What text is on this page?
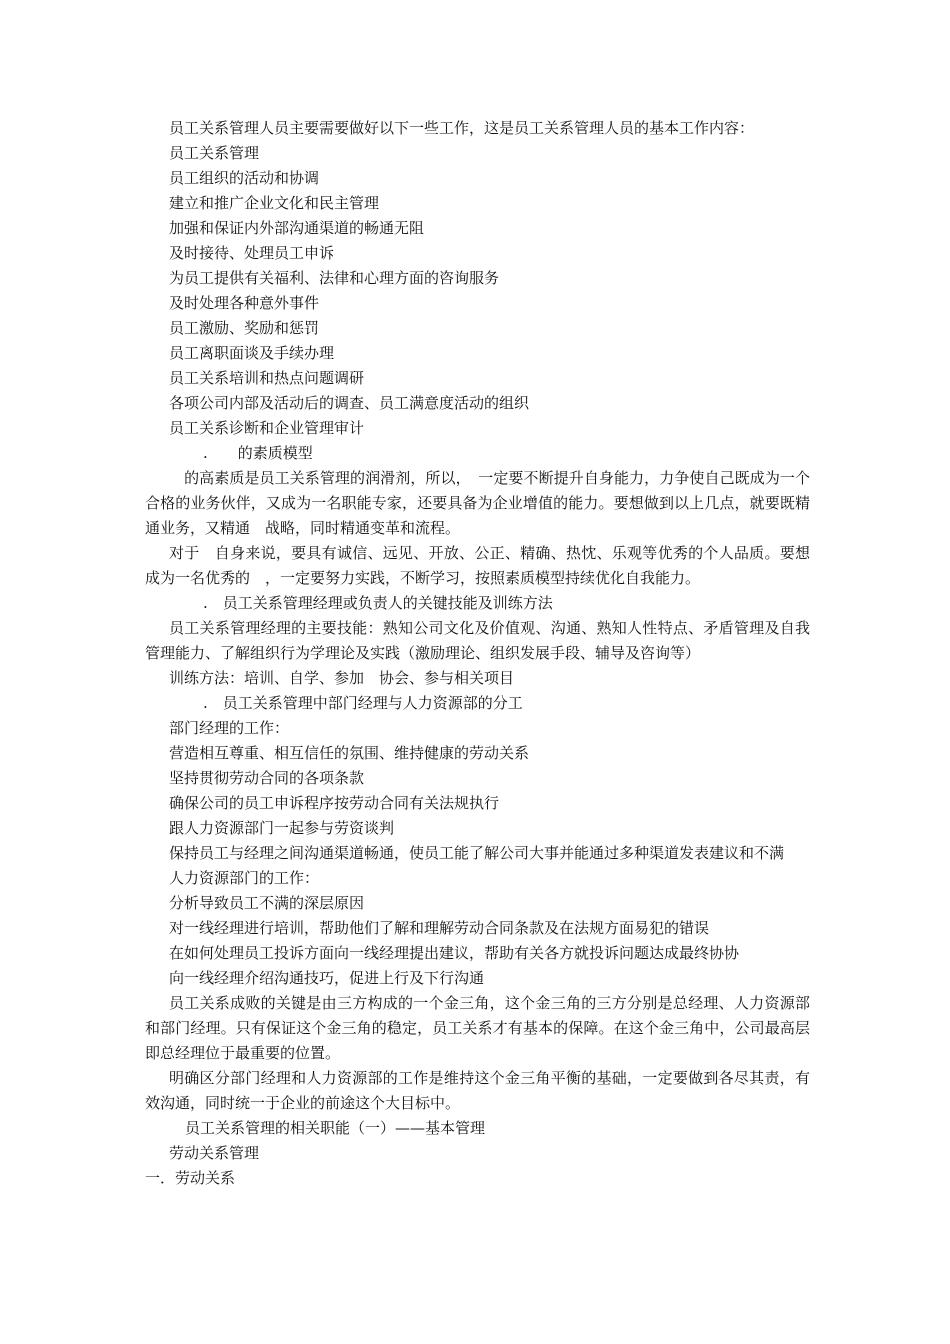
员工关系管理人员主要需要做好以下一些工作，这是员工关系管理人员的基本工作内容：
员工关系管理
员工组织的活动和协调
建立和推广企业文化和民主管理
加强和保证内外部沟通渠道的畅通无阻
及时接待、处理员工申诉
为员工提供有关福利、法律和心理方面的咨询服务
及时处理各种意外事件
员工激励、奖励和惩罚
员工离职面谈及手续办理
员工关系培训和热点问题调研
各项公司内部及活动后的调查、员工满意度活动的组织
员工关系诊断和企业管理审计
.　　的素质模型
　的高素质是员工关系管理的润滑剂，所以，　一定要不断提升自身能力，力争使自己既成为一个合格的业务伙伴，又成为一名职能专家，还要具备为企业增值的能力。要想做到以上几点，就要既精通业务，又精通　战略，同时精通变革和流程。
对于　自身来说，要具有诚信、远见、开放、公正、精确、热忱、乐观等优秀的个人品质。要想成为一名优秀的　，一定要努力实践，不断学习，按照素质模型持续优化自我能力。
.　员工关系管理经理或负责人的关键技能及训练方法
员工关系管理经理的主要技能：熟知公司文化及价值观、沟通、熟知人性特点、矛盾管理及自我管理能力、了解组织行为学理论及实践（激励理论、组织发展手段、辅导及咨询等）
训练方法：培训、自学、参加　协会、参与相关项目
.　员工关系管理中部门经理与人力资源部的分工
部门经理的工作：
营造相互尊重、相互信任的氛围、维持健康的劳动关系
坚持贯彻劳动合同的各项条款
确保公司的员工申诉程序按劳动合同有关法规执行
跟人力资源部门一起参与劳资谈判
保持员工与经理之间沟通渠道畅通，使员工能了解公司大事并能通过多种渠道发表建议和不满
人力资源部门的工作：
分析导致员工不满的深层原因
对一线经理进行培训，帮助他们了解和理解劳动合同条款及在法规方面易犯的错误
在如何处理员工投诉方面向一线经理提出建议，帮助有关各方就投诉问题达成最终协协
向一线经理介绍沟通技巧，促进上行及下行沟通
员工关系成败的关键是由三方构成的一个金三角，这个金三角的三方分别是总经理、人力资源部和部门经理。只有保证这个金三角的稳定，员工关系才有基本的保障。在这个金三角中，公司最高层即总经理位于最重要的位置。
明确区分部门经理和人力资源部的工作是维持这个金三角平衡的基础，一定要做到各尽其责，有效沟通，同时统一于企业的前途这个大目标中。
员工关系管理的相关职能（一）——基本管理
劳动关系管理
一．劳动关系
